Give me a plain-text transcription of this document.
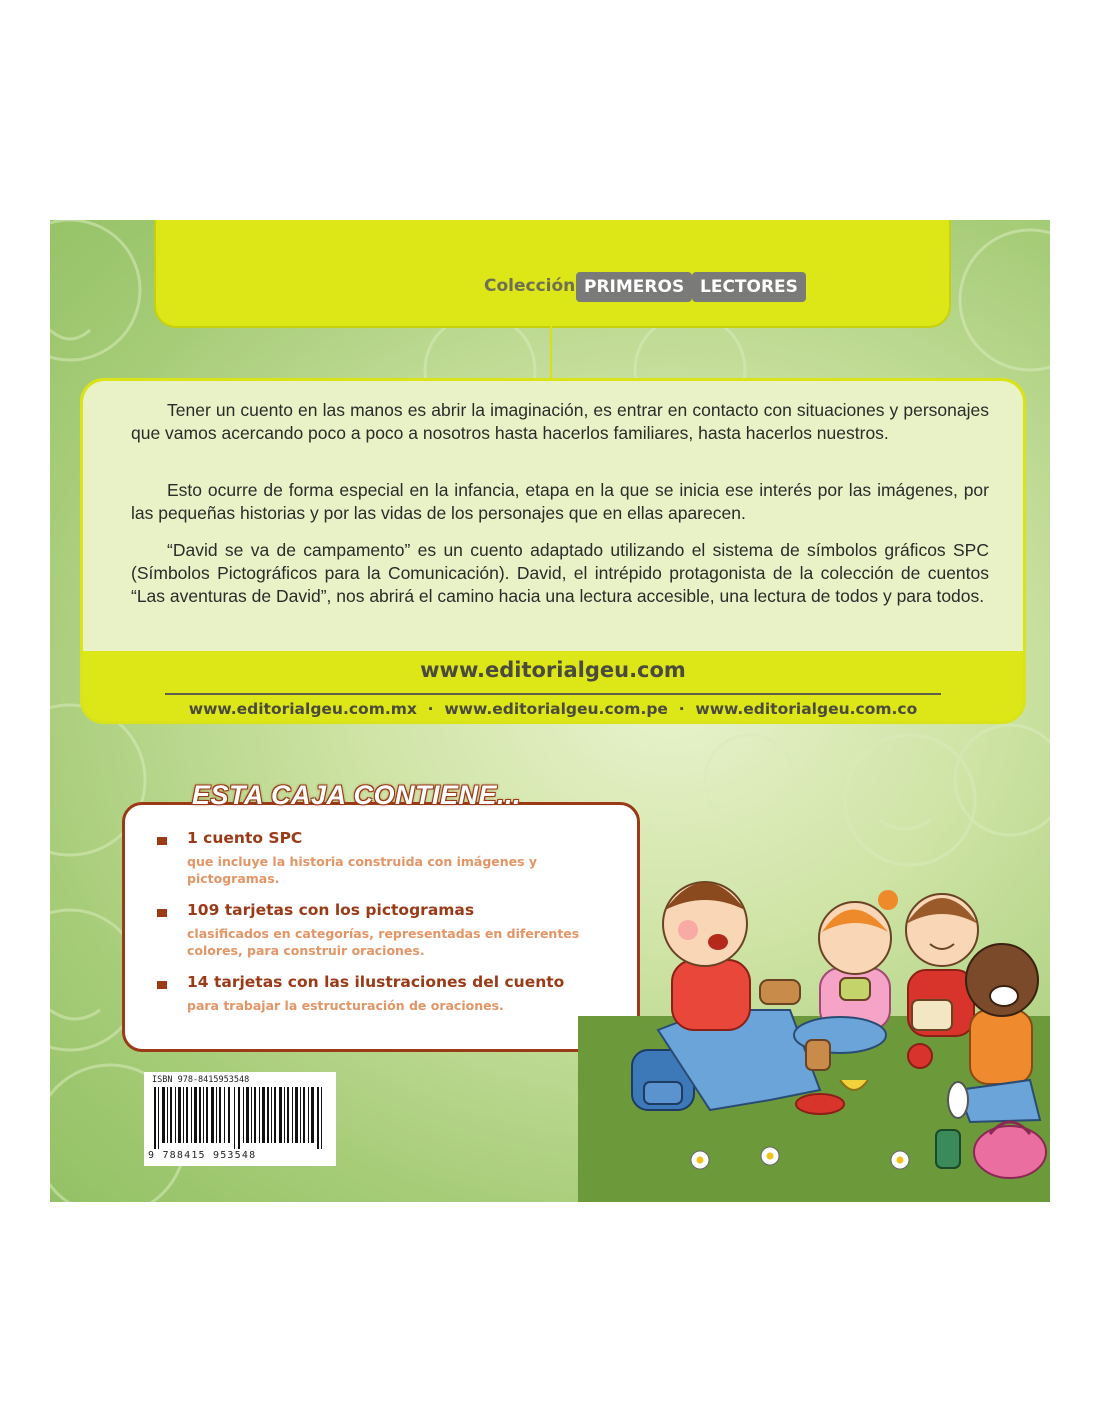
Colección PRIMEROS LECTORES

Tener un cuento en las manos es abrir la imaginación, es entrar en contacto con situaciones y personajes que vamos acercando poco a poco a nosotros hasta hacerlos familiares, hasta hacerlos nuestros.

Esto ocurre de forma especial en la infancia, etapa en la que se inicia ese interés por las imágenes, por las pequeñas historias y por las vidas de los personajes que en ellas aparecen.

“David se va de campamento” es un cuento adaptado utilizando el sistema de símbolos gráficos SPC (Símbolos Pictográficos para la Comunicación). David, el intrépido protagonista de la colección de cuentos “Las aventuras de David”, nos abrirá el camino hacia una lectura accesible, una lectura de todos y para todos.

www.editorialgeu.com
www.editorialgeu.com.mx  ·  www.editorialgeu.com.pe  ·  www.editorialgeu.com.co
1 cuento SPC
que incluye la historia construida con imágenes y pictogramas.
109 tarjetas con los pictogramas
clasificados en categorías, representadas en diferentes colores, para construir oraciones.
14 tarjetas con las ilustraciones del cuento
para trabajar la estructuración de oraciones.
ESTA CAJA CONTIENE...
ISBN 978-8415953548
9 788415 953548
